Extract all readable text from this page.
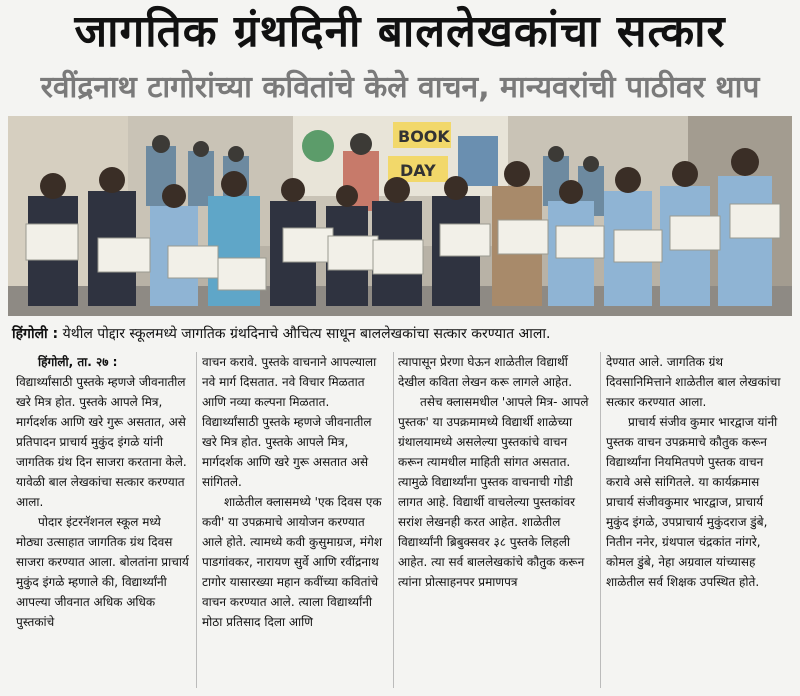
जागतिक ग्रंथदिनी बाललेखकांचा सत्कार
रवींद्रनाथ टागोरांच्या कवितांचे केले वाचन, मान्यवरांची पाठीवर थाप
BOOK
DAY
हिंगोली : येथील पोद्दार स्कूलमध्ये जागतिक ग्रंथदिनाचे औचित्य साधून बाललेखकांचा सत्कार करण्यात आला.

हिंगोली, ता. २७ :

विद्यार्थ्यांसाठी पुस्तके म्हणजे जीवनातील खरे मित्र होत. पुस्तके आपले मित्र, मार्गदर्शक आणि खरे गुरू असतात, असे प्रतिपादन प्राचार्य मुकुंद इंगळे यांनी जागतिक ग्रंथ दिन साजरा करताना केले. यावेळी बाल लेखकांचा सत्कार करण्यात आला.

पोदार इंटरनॅशनल स्कूल मध्ये मोठ्या उत्साहात जागतिक ग्रंथ दिवस साजरा करण्यात आला. बोलतांना प्राचार्य मुकुंद इंगळे म्हणाले की, विद्यार्थ्यांनी आपल्या जीवनात अधिक अधिक पुस्तकांचे

वाचन करावे. पुस्तके वाचनाने आपल्याला नवे मार्ग दिसतात. नवे विचार मिळतात आणि नव्या कल्पना मिळतात. विद्यार्थ्यांसाठी पुस्तके म्हणजे जीवनातील खरे मित्र होत. पुस्तके आपले मित्र, मार्गदर्शक आणि खरे गुरू असतात असे सांगितले.

शाळेतील क्लासमध्ये 'एक दिवस एक कवी' या उपक्रमाचे आयोजन करण्यात आले होते. त्यामध्ये कवी कुसुमाग्रज, मंगेश पाडगांवकर, नारायण सुर्वे आणि रवींद्रनाथ टागोर यासारख्या महान कवींच्या कवितांचे वाचन करण्यात आले. त्याला विद्यार्थ्यांनी मोठा प्रतिसाद दिला आणि

त्यापासून प्रेरणा घेऊन शाळेतील विद्यार्थी देखील कविता लेखन करू लागले आहेत.

तसेच क्लासमधील 'आपले मित्र- आपले पुस्तक' या उपक्रमामध्ये विद्यार्थी शाळेच्या ग्रंथालयामध्ये असलेल्या पुस्तकांचे वाचन करून त्यामधील माहिती सांगत असतात. त्यामुळे विद्यार्थ्यांना पुस्तक वाचनाची गोडी लागत आहे. विद्यार्थी वाचलेल्या पुस्तकांवर सरांश लेखनही करत आहेत. शाळेतील विद्यार्थ्यांनी ब्रिबुक्सवर ३८ पुस्तके लिहली आहेत. त्या सर्व बाललेखकांचे कौतुक करून त्यांना प्रोत्साहनपर प्रमाणपत्र

देण्यात आले. जागतिक ग्रंथ दिवसानिमित्ताने शाळेतील बाल लेखकांचा सत्कार करण्यात आला.

प्राचार्य संजीव कुमार भारद्वाज यांनी पुस्तक वाचन उपक्रमाचे कौतुक करून विद्यार्थ्यांना नियमितपणे पुस्तक वाचन करावे असे सांगितले. या कार्यक्रमास प्राचार्य संजीवकुमार भारद्वाज, प्राचार्य मुकुंद इंगळे, उपप्राचार्य मुकुंदराज डुंबे, नितीन ननेर, ग्रंथपाल चंद्रकांत नांगरे, कोमल डुंबे, नेहा अग्रवाल यांच्यासह शाळेतील सर्व शिक्षक उपस्थित होते.
